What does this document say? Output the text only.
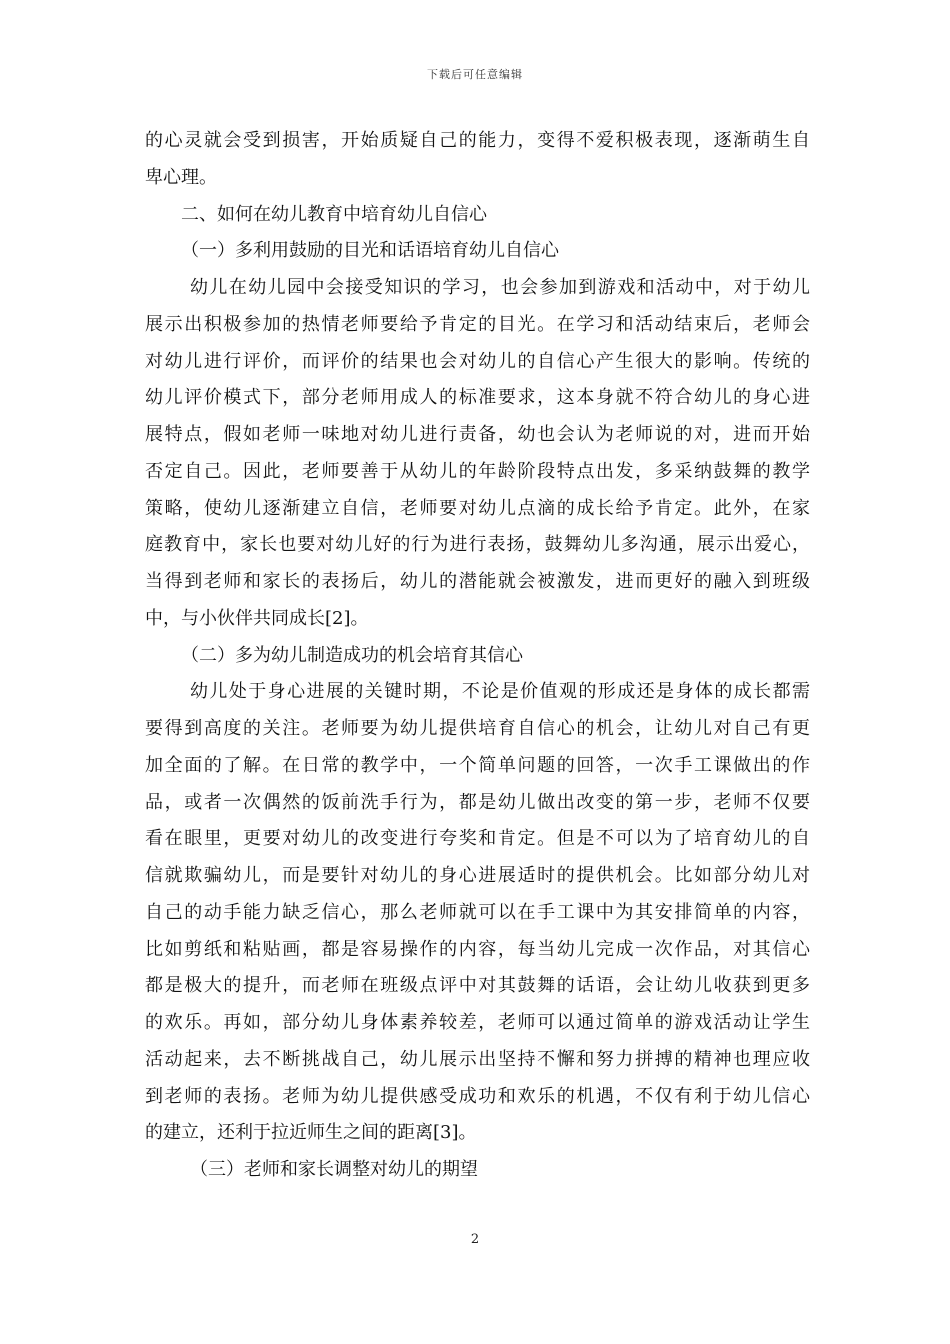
下载后可任意编辑
的心灵就会受到损害，开始质疑自己的能力，变得不爱积极表现，逐渐萌生自
卑心理。
二、如何在幼儿教育中培育幼儿自信心
（一）多利用鼓励的目光和话语培育幼儿自信心
幼儿在幼儿园中会接受知识的学习，也会参加到游戏和活动中，对于幼儿
展示出积极参加的热情老师要给予肯定的目光。在学习和活动结束后，老师会
对幼儿进行评价，而评价的结果也会对幼儿的自信心产生很大的影响。传统的
幼儿评价模式下，部分老师用成人的标准要求，这本身就不符合幼儿的身心进
展特点，假如老师一味地对幼儿进行责备，幼也会认为老师说的对，进而开始
否定自己。因此，老师要善于从幼儿的年龄阶段特点出发，多采纳鼓舞的教学
策略，使幼儿逐渐建立自信，老师要对幼儿点滴的成长给予肯定。此外，在家
庭教育中，家长也要对幼儿好的行为进行表扬，鼓舞幼儿多沟通，展示出爱心，
当得到老师和家长的表扬后，幼儿的潜能就会被激发，进而更好的融入到班级
中，与小伙伴共同成长[2]。
（二）多为幼儿制造成功的机会培育其信心
幼儿处于身心进展的关键时期，不论是价值观的形成还是身体的成长都需
要得到高度的关注。老师要为幼儿提供培育自信心的机会，让幼儿对自己有更
加全面的了解。在日常的教学中，一个简单问题的回答，一次手工课做出的作
品，或者一次偶然的饭前洗手行为，都是幼儿做出改变的第一步，老师不仅要
看在眼里，更要对幼儿的改变进行夸奖和肯定。但是不可以为了培育幼儿的自
信就欺骗幼儿，而是要针对幼儿的身心进展适时的提供机会。比如部分幼儿对
自己的动手能力缺乏信心，那么老师就可以在手工课中为其安排简单的内容，
比如剪纸和粘贴画，都是容易操作的内容，每当幼儿完成一次作品，对其信心
都是极大的提升，而老师在班级点评中对其鼓舞的话语，会让幼儿收获到更多
的欢乐。再如，部分幼儿身体素养较差，老师可以通过简单的游戏活动让学生
活动起来，去不断挑战自己，幼儿展示出坚持不懈和努力拼搏的精神也理应收
到老师的表扬。老师为幼儿提供感受成功和欢乐的机遇，不仅有利于幼儿信心
的建立，还利于拉近师生之间的距离[3]。
（三）老师和家长调整对幼儿的期望
2
